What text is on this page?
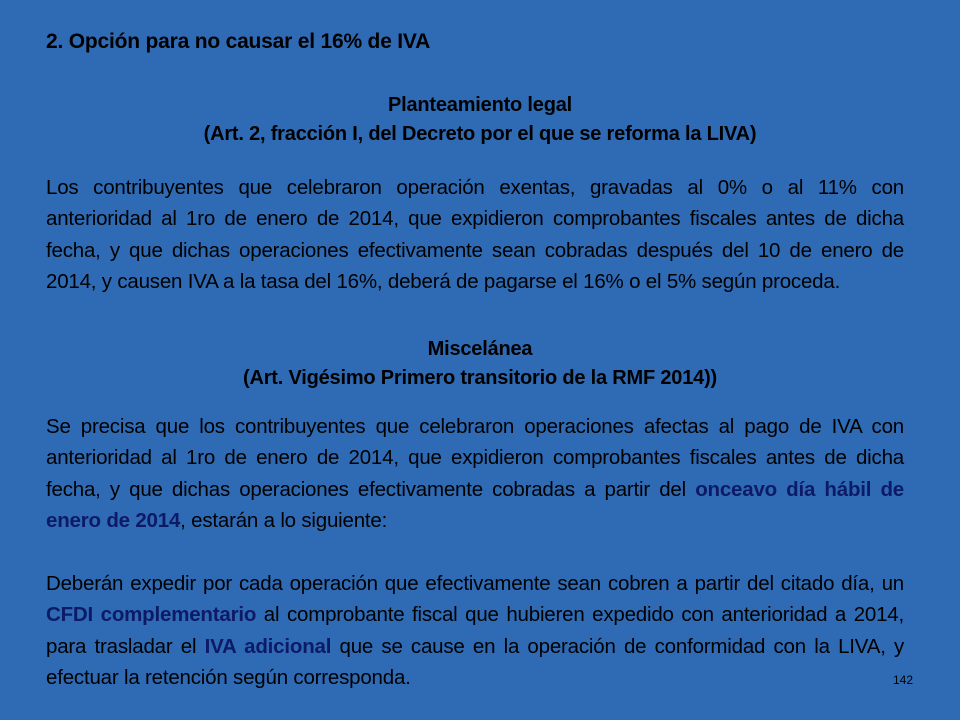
2. Opción para no causar el 16% de IVA
Planteamiento legal
(Art. 2, fracción I, del Decreto por el que se reforma la LIVA)
Los contribuyentes que celebraron operación exentas, gravadas al 0% o al 11% con anterioridad al 1ro de enero de 2014, que expidieron comprobantes fiscales antes de dicha fecha, y que dichas operaciones efectivamente sean cobradas después del 10 de enero de 2014, y causen IVA a la tasa del 16%, deberá de pagarse el 16% o el 5% según proceda.
Miscelánea
(Art. Vigésimo Primero transitorio de la RMF 2014))
Se precisa que los contribuyentes que celebraron operaciones afectas al pago de IVA con anterioridad al 1ro de enero de 2014, que expidieron comprobantes fiscales antes de dicha fecha, y que dichas operaciones efectivamente cobradas a partir del onceavo día hábil de enero de 2014, estarán a lo siguiente:
Deberán expedir por cada operación que efectivamente sean cobren a partir del citado día, un CFDI complementario al comprobante fiscal que hubieren expedido con anterioridad a 2014, para trasladar el IVA adicional que se cause en la operación de conformidad con la LIVA, y efectuar la retención según corresponda.	142
